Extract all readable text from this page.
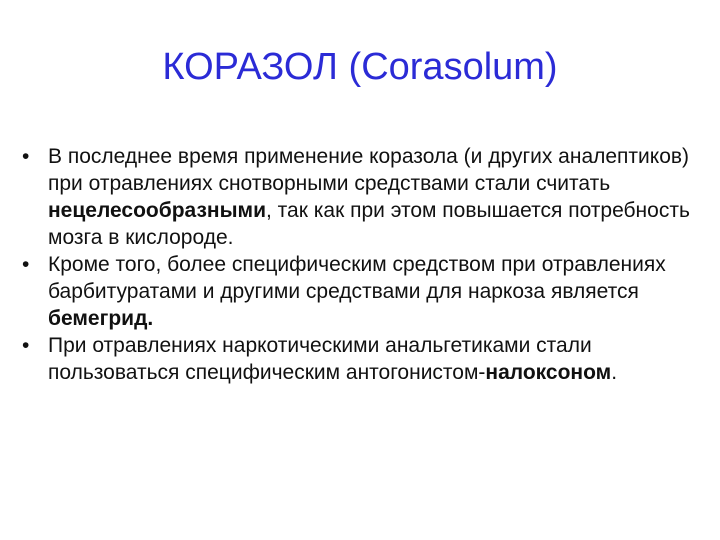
КОРАЗОЛ (Corasolum)
• В последнее время применение коразола (и других аналептиков) при отравлениях снотворными средствами стали считать нецелесообразными, так как при этом повышается потребность мозга в кислороде.
• Кроме того, более специфическим средством при отравлениях барбитуратами и другими средствами для наркоза является бемегрид.
• При отравлениях наркотическими анальгетиками стали пользоваться специфическим антогонистом-налоксоном.
